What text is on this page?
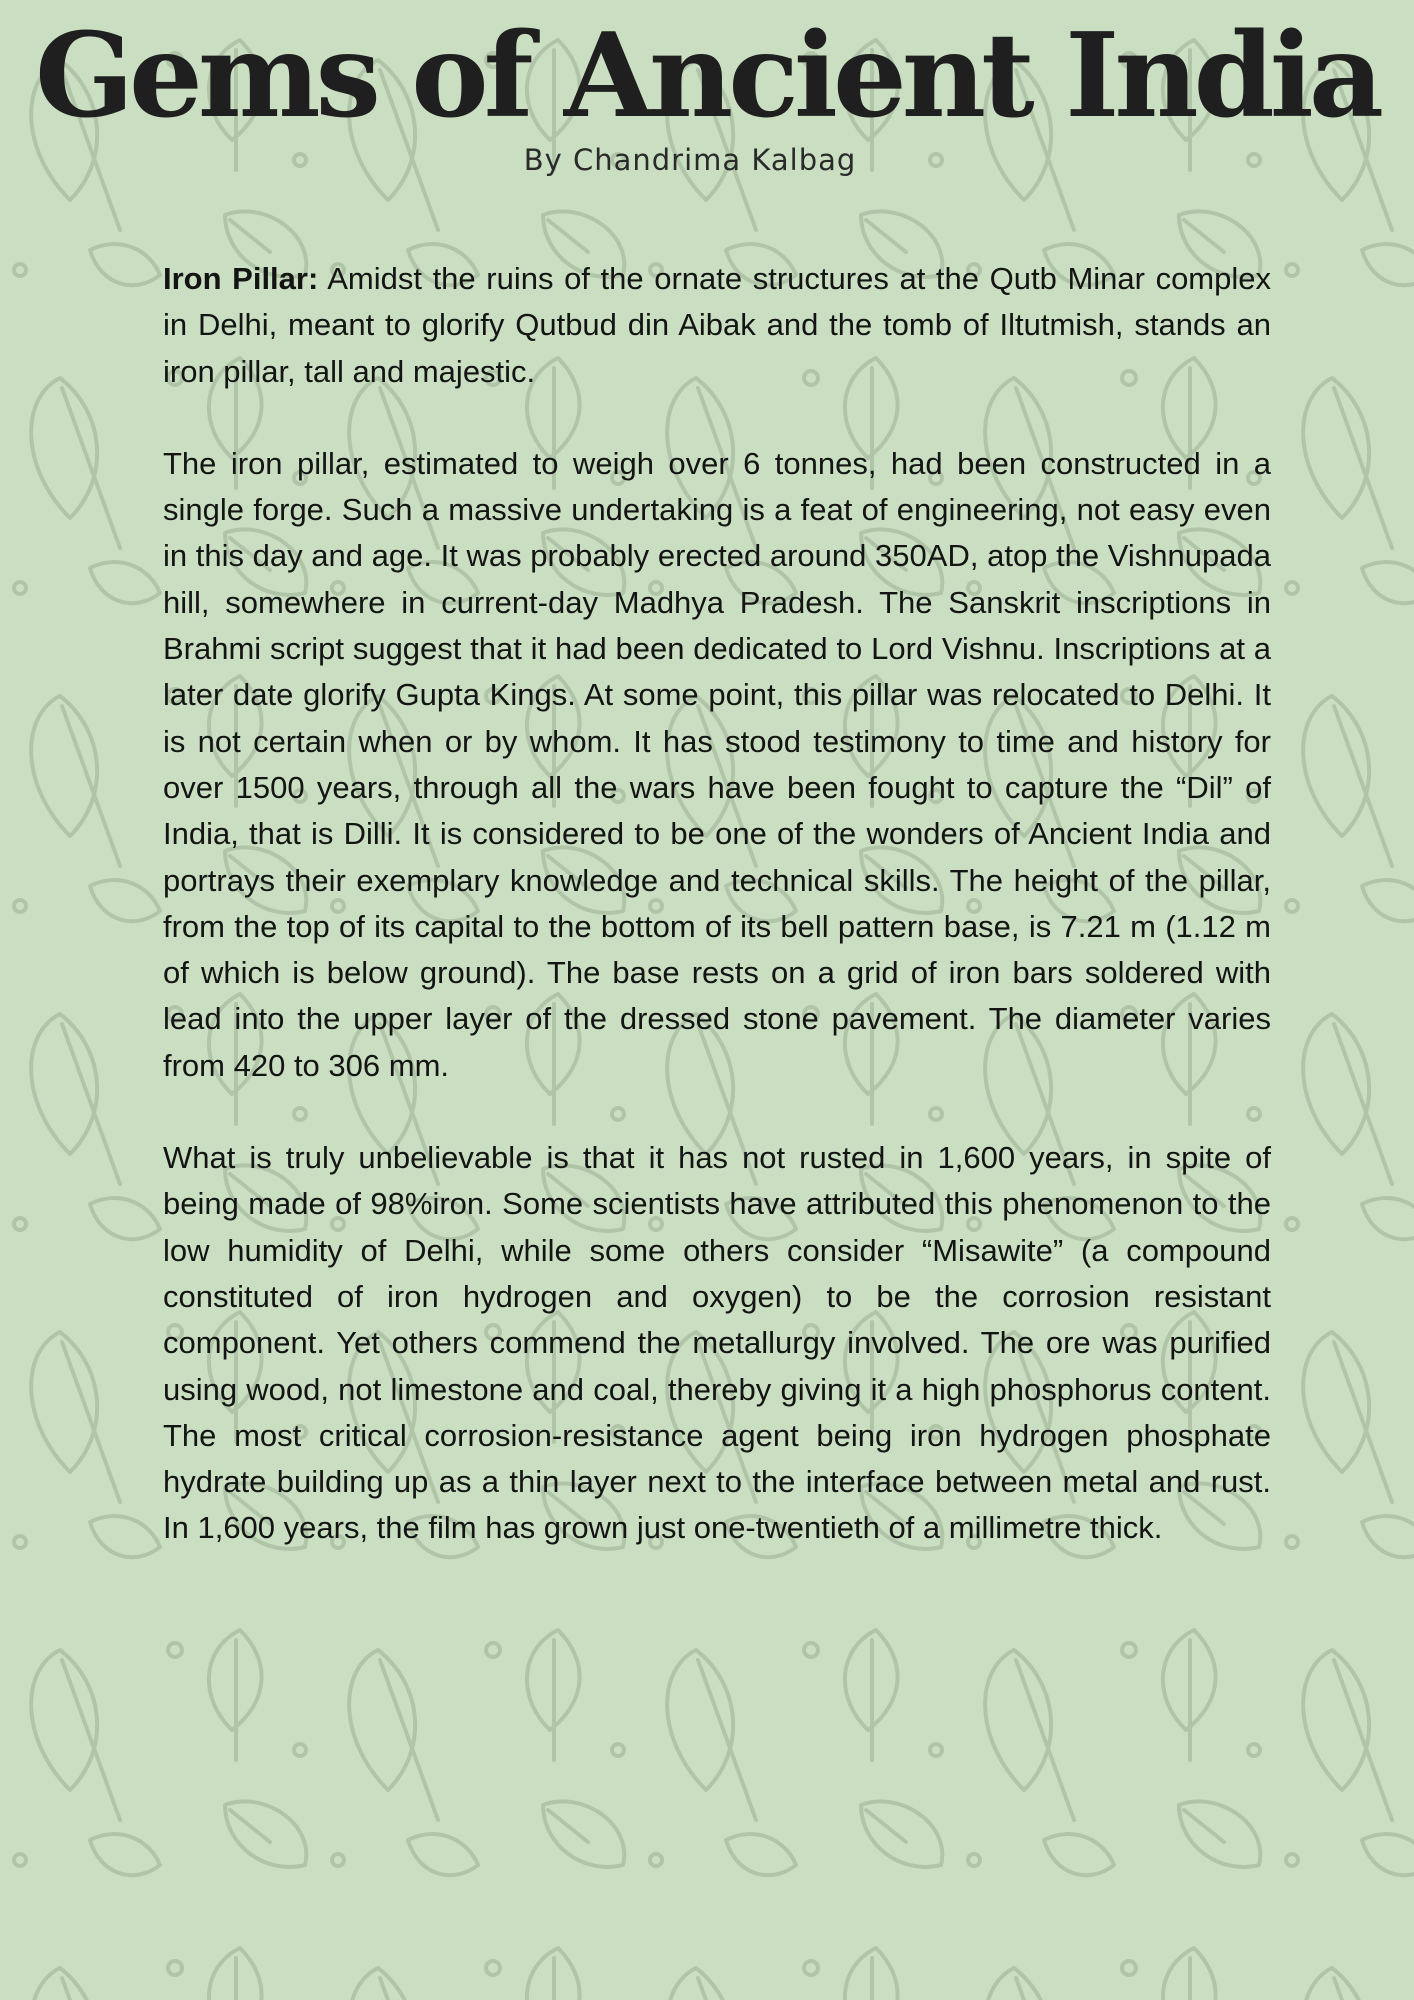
Gems of Ancient India
By Chandrima Kalbag

Iron Pillar: Amidst the ruins of the ornate structures at the Qutb Minar complex in Delhi, meant to glorify Qutbud din Aibak and the tomb of Iltutmish, stands an iron pillar, tall and majestic.

The iron pillar, estimated to weigh over 6 tonnes, had been constructed in a single forge. Such a massive undertaking is a feat of engineering, not easy even in this day and age. It was probably erected around 350AD, atop the Vishnupada hill, somewhere in current-day Madhya Pradesh. The Sanskrit inscriptions in Brahmi script suggest that it had been dedicated to Lord Vishnu. Inscriptions at a later date glorify Gupta Kings. At some point, this pillar was relocated to Delhi. It is not certain when or by whom. It has stood testimony to time and history for over 1500 years, through all the wars have been fought to capture the “Dil” of India, that is Dilli. It is considered to be one of the wonders of Ancient India and portrays their exemplary knowledge and technical skills. The height of the pillar, from the top of its capital to the bottom of its bell pattern base, is 7.21 m (1.12 m of which is below ground). The base rests on a grid of iron bars soldered with lead into the upper layer of the dressed stone pavement. The diameter varies from 420 to 306 mm.

What is truly unbelievable is that it has not rusted in 1,600 years, in spite of being made of 98%iron. Some scientists have attributed this phenomenon to the low humidity of Delhi, while some others consider “Misawite” (a compound constituted of iron hydrogen and oxygen) to be the corrosion resistant component. Yet others commend the metallurgy involved. The ore was purified using wood, not limestone and coal, thereby giving it a high phosphorus content. The most critical corrosion-resistance agent being iron hydrogen phosphate hydrate building up as a thin layer next to the interface between metal and rust. In 1,600 years, the film has grown just one-twentieth of a millimetre thick.
